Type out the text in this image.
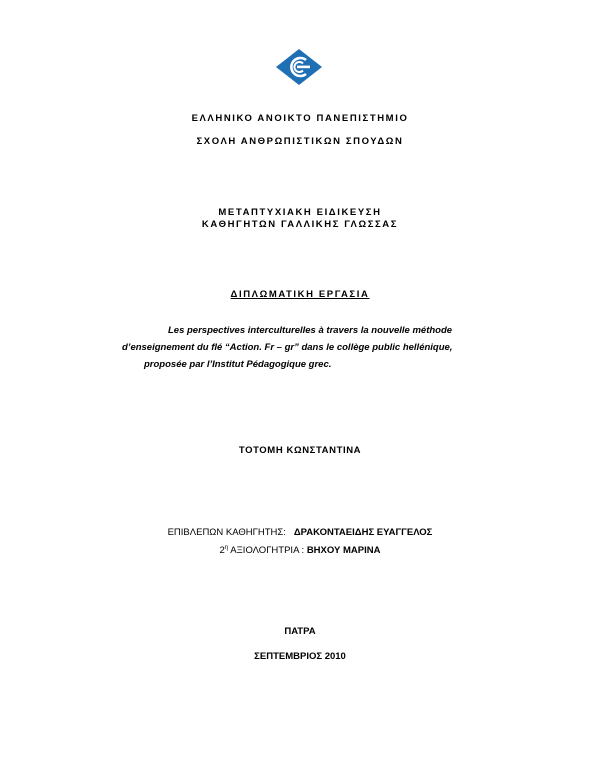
ΕΛΛΗΝΙΚΟ ΑΝΟΙΚΤΟ ΠΑΝΕΠΙΣΤΗΜΙΟ
ΣΧΟΛΗ ΑΝΘΡΩΠΙΣΤΙΚΩΝ ΣΠΟΥΔΩΝ
ΜΕΤΑΠΤΥΧΙΑΚΗ ΕΙΔΙΚΕΥΣΗ
ΚΑΘΗΓΗΤΩΝ ΓΑΛΛΙΚΗΣ ΓΛΩΣΣΑΣ
ΔΙΠΛΩΜΑΤΙΚΗ ΕΡΓΑΣΙΑ
Les perspectives interculturelles à travers la nouvelle méthode
d’enseignement du flé “Action. Fr – gr” dans le collège public hellénique,
proposée par l’Institut Pédagogique grec.
ΤΟΤΟΜΗ ΚΩΝΣΤΑΝΤΙΝΑ
ΕΠΙΒΛΕΠΩΝ ΚΑΘΗΓΗΤΗΣ: ΔΡΑΚΟΝΤΑΕΙΔΗΣ ΕΥΑΓΓΕΛΟΣ
$2^\eta$ ΑΞΙΟΛΟΓΗΤΡΙΑ : ΒΗΧΟΥ ΜΑΡΙΝΑ
ΠΑΤΡΑ
ΣΕΠΤΕΜΒΡΙΟΣ 2010
